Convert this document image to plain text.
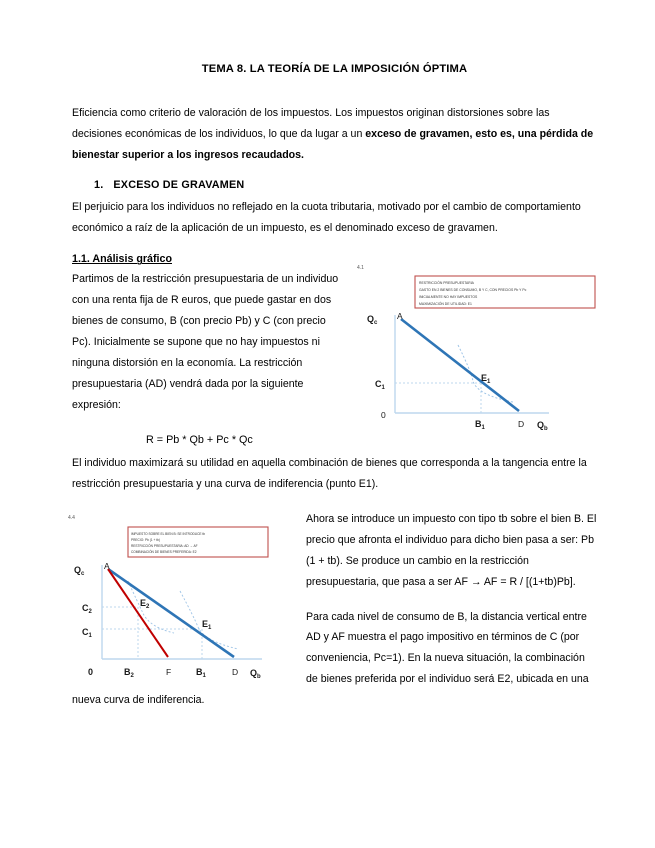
TEMA 8. LA TEORÍA DE LA IMPOSICIÓN ÓPTIMA

Eficiencia como criterio de valoración de los impuestos. Los impuestos originan distorsiones sobre las decisiones económicas de los individuos, lo que da lugar a un exceso de gravamen, esto es, una pérdida de bienestar superior a los ingresos recaudados.

1. EXCESO DE GRAVAMEN

El perjuicio para los individuos no reflejado en la cuota tributaria, motivado por el cambio de comportamiento económico a raíz de la aplicación de un impuesto, es el denominado exceso de gravamen.

1.1. Análisis gráfico

4.1
RESTRICCIÓN PRESUPUESTARIA
GASTO EN 2 BIENES DE CONSUMO, B Y C, CON PRECIOS Pb Y Pc
INICIALMENTE NO HAY IMPUESTOS
MAXIMIZACIÓN DE UTILIDAD: E1
$Q_c$
A
$C_1$
$E_1$
0
$B_1$	D $Q_b$

Partimos de la restricción presupuestaria de un individuo con una renta fija de R euros, que puede gastar en dos bienes de consumo, B (con precio Pb) y C (con precio Pc). Inicialmente se supone que no hay impuestos ni ninguna distorsión en la economía. La restricción presupuestaria (AD) vendrá dada por la siguiente expresión:

R = Pb * Qb + Pc * Qc

El individuo maximizará su utilidad en aquella combinación de bienes que corresponda a la tangencia entre la restricción presupuestaria y una curva de indiferencia (punto E1).

4.4
IMPUESTO SOBRE EL BIEN B: SE INTRODUCE tb
PRECIO: Pb (1 + tb)
RESTRICCIÓN PRESUPUESTARIA: AD → AF
COMBINACIÓN DE BIENES PREFERIDA: E2
$Q_c$
A
$C_2$
$C_1$
$E_2$
$E_1$
0	$B_2$	F	$B_1$	D $Q_b$

Ahora se introduce un impuesto con tipo tb sobre el bien B. El precio que afronta el individuo para dicho bien pasa a ser: Pb (1 + tb). Se produce un cambio en la restricción presupuestaria, que pasa a ser AF → AF = R / [(1+tb)Pb].

Para cada nivel de consumo de B, la distancia vertical entre AD y AF muestra el pago impositivo en términos de C (por conveniencia, Pc=1). En la nueva situación, la combinación de bienes preferida por el individuo será E2, ubicada en una nueva curva de indiferencia.
